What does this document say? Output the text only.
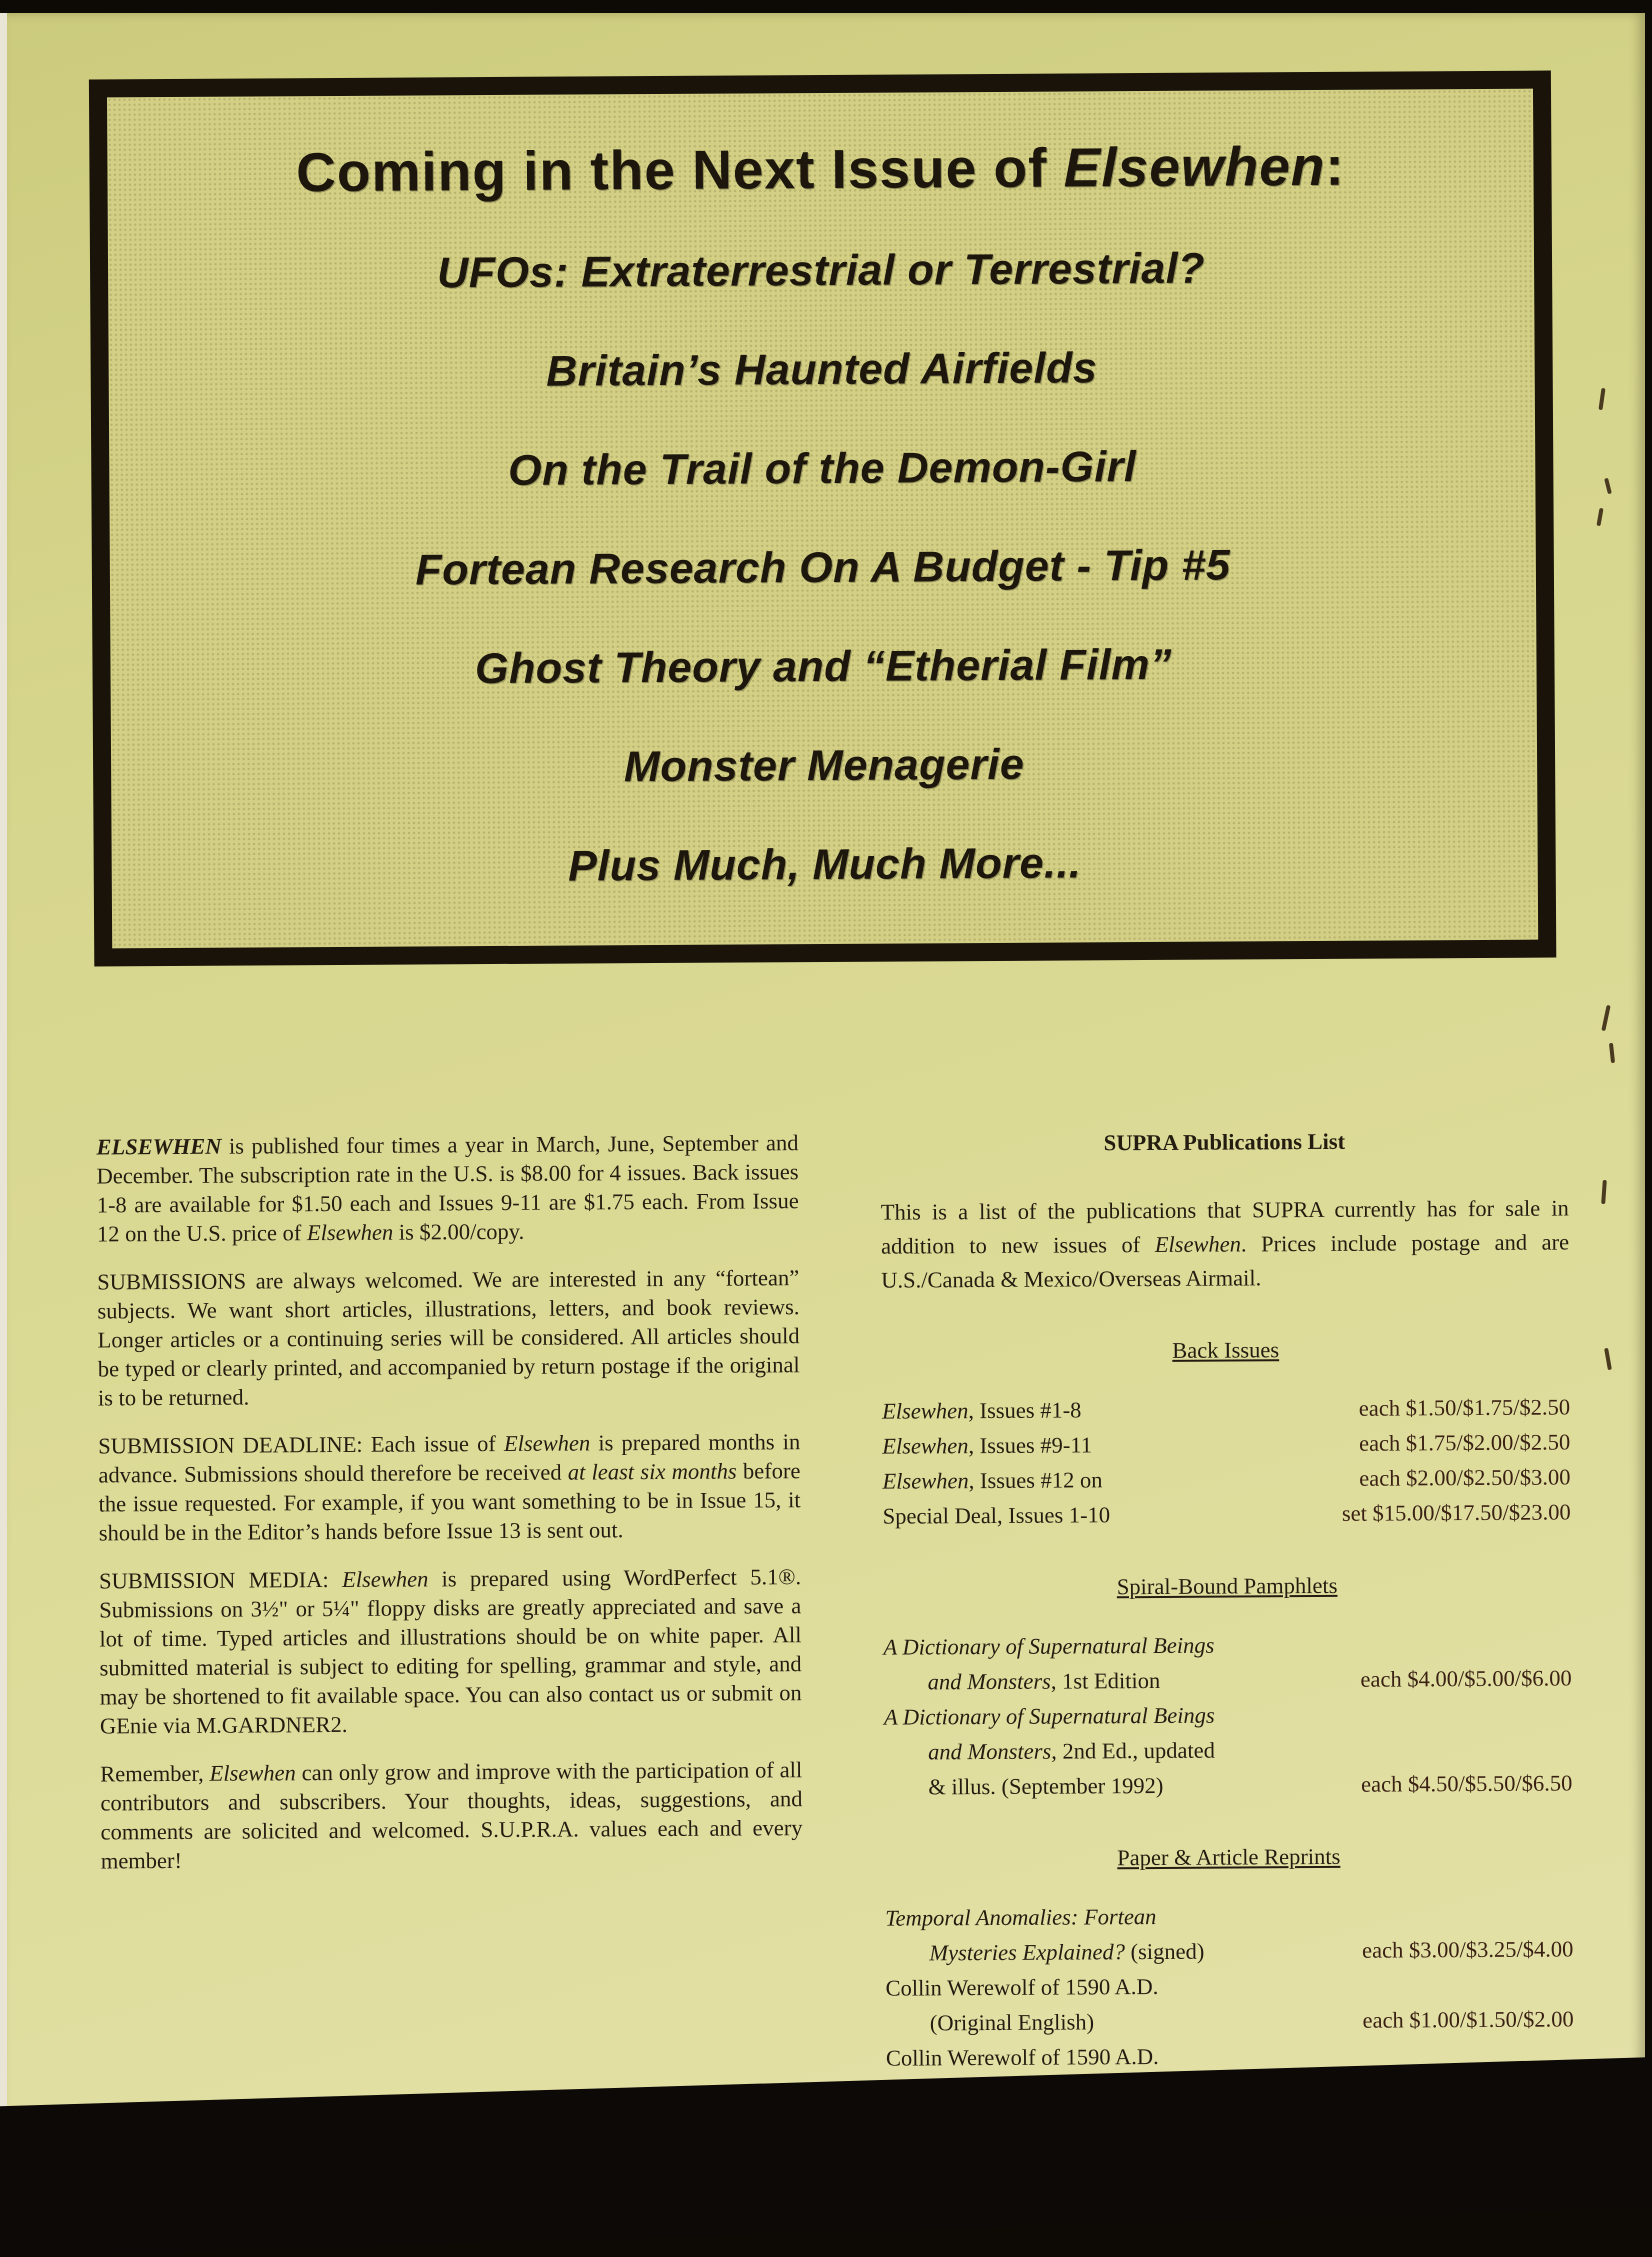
Coming in the Next Issue of Elsewhen:
UFOs: Extraterrestrial or Terrestrial?
Britain’s Haunted Airfields
On the Trail of the Demon-Girl
Fortean Research On A Budget - Tip #5
Ghost Theory and “Etherial Film”
Monster Menagerie
Plus Much, Much More...

ELSEWHEN is published four times a year in March, June, September and December. The subscription rate in the U.S. is $8.00 for 4 issues. Back issues 1-8 are available for $1.50 each and Issues 9-11 are $1.75 each. From Issue 12 on the U.S. price of Elsewhen is $2.00/copy.

SUBMISSIONS are always welcomed. We are interested in any “fortean” subjects. We want short articles, illustrations, letters, and book reviews. Longer articles or a continuing series will be considered. All articles should be typed or clearly printed, and accompanied by return postage if the original is to be returned.

SUBMISSION DEADLINE: Each issue of Elsewhen is prepared months in advance. Submissions should therefore be received at least six months before the issue requested. For example, if you want something to be in Issue 15, it should be in the Editor’s hands before Issue 13 is sent out.

SUBMISSION MEDIA: Elsewhen is prepared using WordPerfect 5.1®. Submissions on 3½" or 5¼" floppy disks are greatly appreciated and save a lot of time. Typed articles and illustrations should be on white paper. All submitted material is subject to editing for spelling, grammar and style, and may be shortened to fit available space. You can also contact us or submit on GEnie via M.GARDNER2.

Remember, Elsewhen can only grow and improve with the participation of all contributors and subscribers. Your thoughts, ideas, suggestions, and comments are solicited and welcomed. S.U.P.R.A. values each and every member!

SUPRA Publications List

This is a list of the publications that SUPRA currently has for sale in addition to new issues of Elsewhen. Prices include postage and are U.S./Canada & Mexico/Overseas Airmail.

Back Issues

Elsewhen, Issues #1-8	each $1.50/$1.75/$2.50
Elsewhen, Issues #9-11	each $1.75/$2.00/$2.50
Elsewhen, Issues #12 on	each $2.00/$2.50/$3.00
Special Deal, Issues 1-10	set $15.00/$17.50/$23.00

Spiral-Bound Pamphlets

A Dictionary of Supernatural Beings
and Monsters, 1st Edition	each $4.00/$5.00/$6.00
A Dictionary of Supernatural Beings
and Monsters, 2nd Ed., updated
& illus. (September 1992)	each $4.50/$5.50/$6.50

Paper & Article Reprints

Temporal Anomalies: Fortean
Mysteries Explained? (signed)	each $3.00/$3.25/$4.00
Collin Werewolf of 1590 A.D.
(Original English)	each $1.00/$1.50/$2.00
Collin Werewolf of 1590 A.D.
